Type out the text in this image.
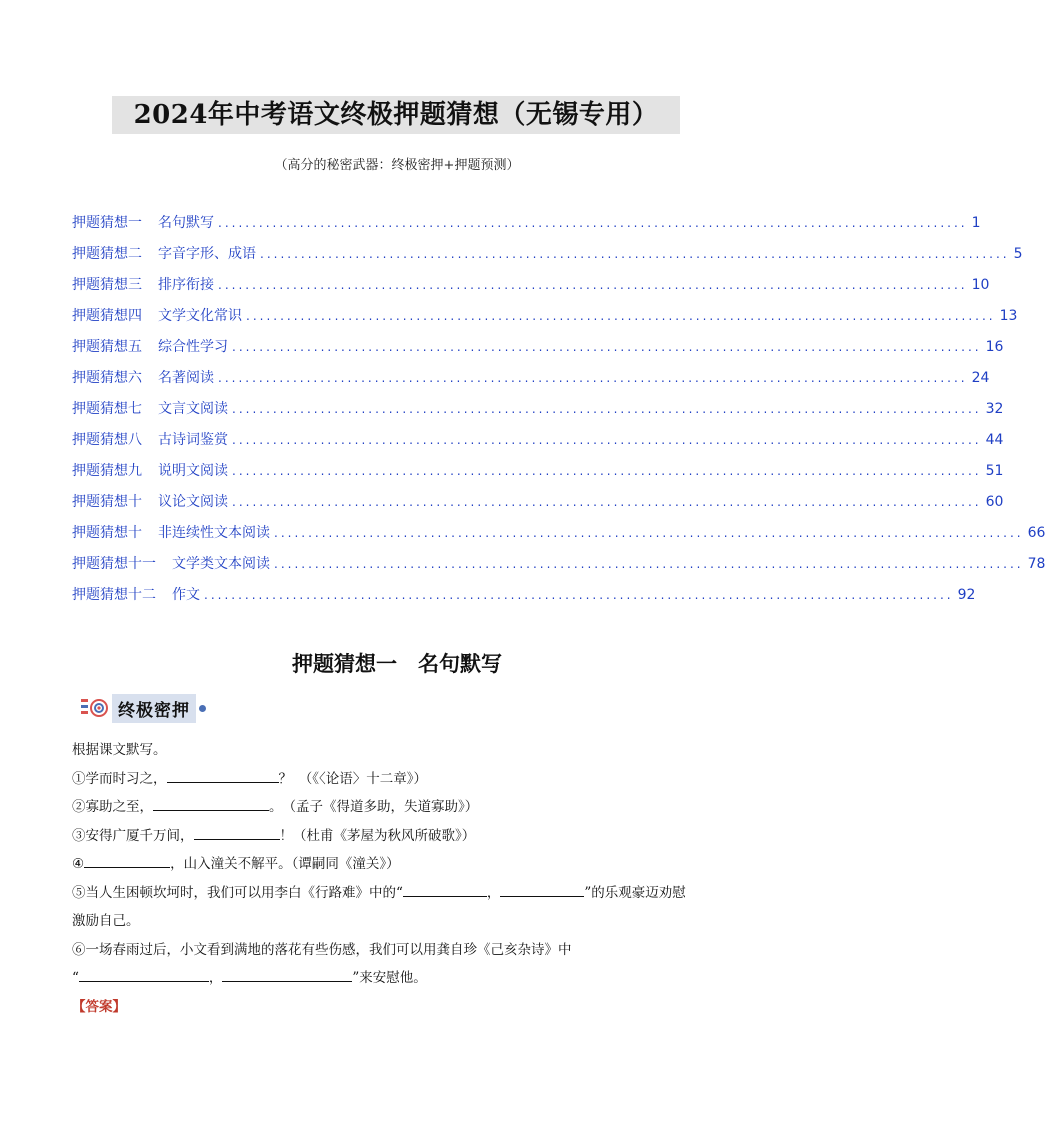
2024年中考语文终极押题猜想（无锡专用）
（高分的秘密武器：终极密押+押题预测）
押题猜想一 名句默写 .............................................................................................................. 1
押题猜想二 字音字形、成语 .............................................................................................................. 5
押题猜想三 排序衔接 .............................................................................................................. 10
押题猜想四 文学文化常识 .............................................................................................................. 13
押题猜想五 综合性学习 .............................................................................................................. 16
押题猜想六 名著阅读 .............................................................................................................. 24
押题猜想七 文言文阅读 .............................................................................................................. 32
押题猜想八 古诗词鉴赏 .............................................................................................................. 44
押题猜想九 说明文阅读 .............................................................................................................. 51
押题猜想十 议论文阅读 .............................................................................................................. 60
押题猜想十 非连续性文本阅读 .............................................................................................................. 66
押题猜想十一 文学类文本阅读 .............................................................................................................. 78
押题猜想十二 作文 .............................................................................................................. 92
押题猜想一　名句默写
终极密押
根据课文默写。
①学而时习之，	？　（《〈论语〉十二章》）
②寡助之至，	。　（孟子《得道多助，失道寡助》）
③安得广厦千万间，	！（杜甫《茅屋为秋风所破歌》）
④	，山入潼关不解平。（谭嗣同《潼关》）
⑤当人生困顿坎坷时，我们可以用李白《行路难》中的“	，	”的乐观豪迈劝慰
激励自己。
⑥一场春雨过后，小文看到满地的落花有些伤感，我们可以用龚自珍《己亥杂诗》中
“	，	”来安慰他。
【答案】
